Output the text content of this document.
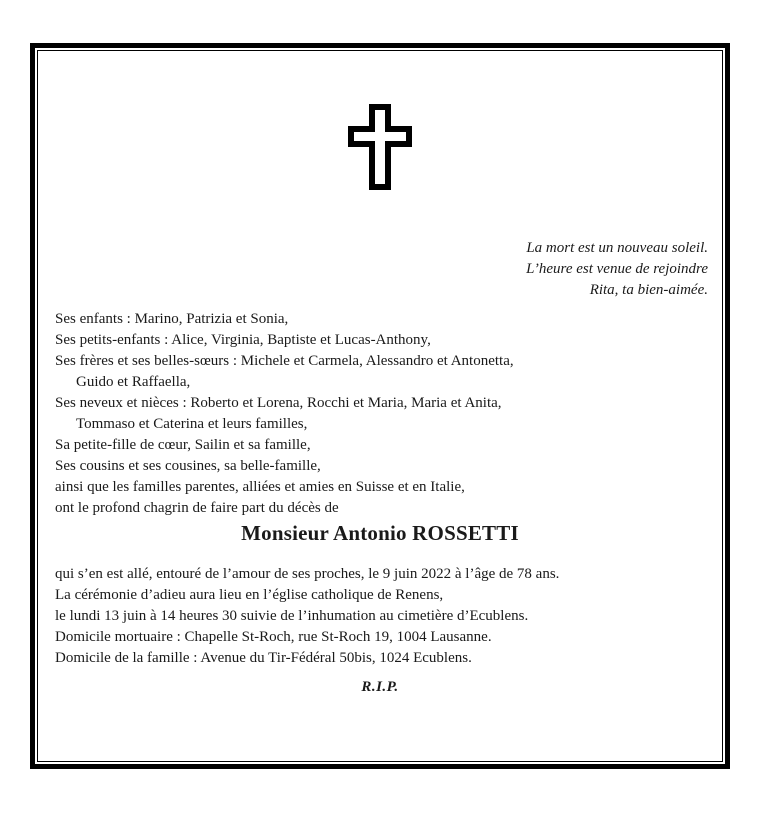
La mort est un nouveau soleil.
L’heure est venue de rejoindre
Rita, ta bien-aimée.
Ses enfants : Marino, Patrizia et Sonia,
Ses petits-enfants : Alice, Virginia, Baptiste et Lucas-Anthony,
Ses frères et ses belles-sœurs : Michele et Carmela, Alessandro et Antonetta,
Guido et Raffaella,
Ses neveux et nièces : Roberto et Lorena, Rocchi et Maria, Maria et Anita,
Tommaso et Caterina et leurs familles,
Sa petite-fille de cœur, Sailin et sa famille,
Ses cousins et ses cousines, sa belle-famille,
ainsi que les familles parentes, alliées et amies en Suisse et en Italie,
ont le profond chagrin de faire part du décès de
Monsieur Antonio ROSSETTI
qui s’en est allé, entouré de l’amour de ses proches, le 9 juin 2022 à l’âge de 78 ans.
La cérémonie d’adieu aura lieu en l’église catholique de Renens,
le lundi 13 juin à 14 heures 30 suivie de l’inhumation au cimetière d’Ecublens.
Domicile mortuaire : Chapelle St-Roch, rue St-Roch 19, 1004 Lausanne.
Domicile de la famille : Avenue du Tir-Fédéral 50bis, 1024 Ecublens.
R.I.P.
